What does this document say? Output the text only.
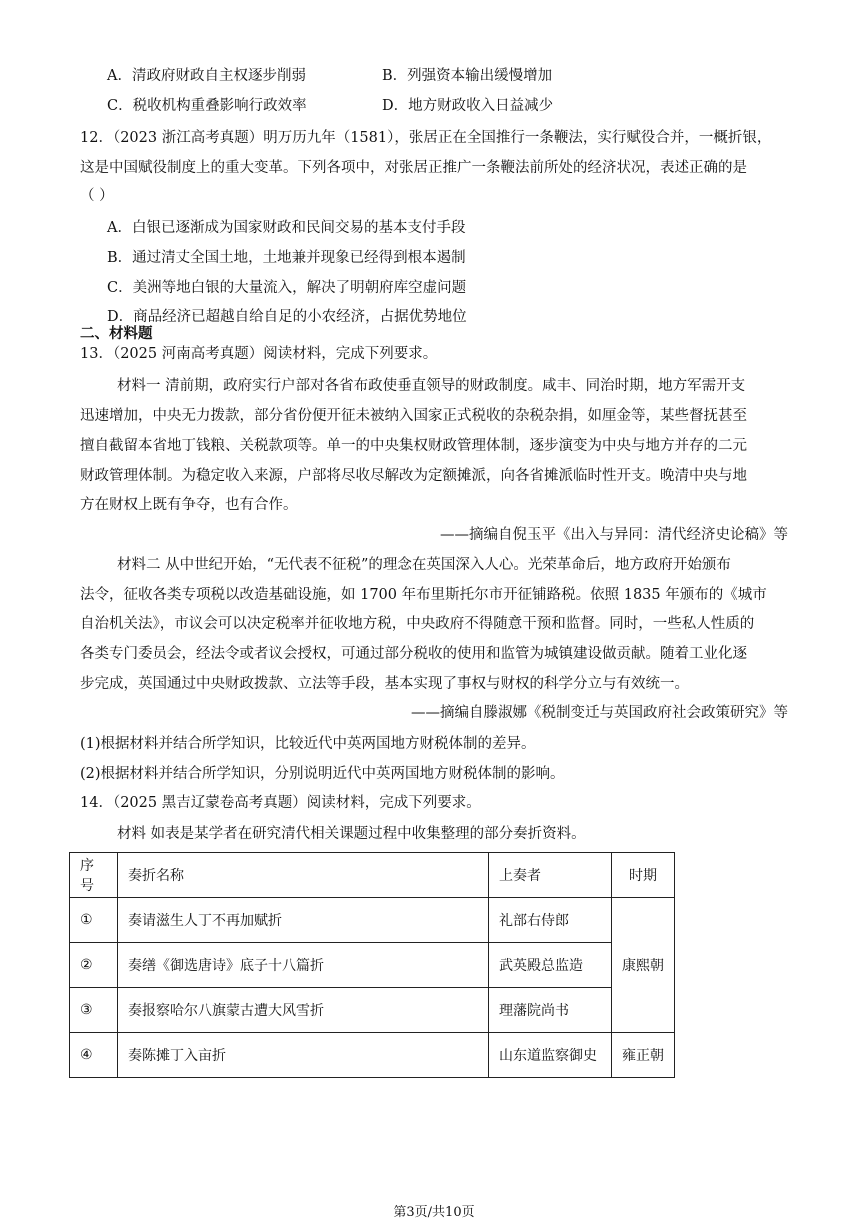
A．清政府财政自主权逐步削弱	B．列强资本输出缓慢增加
C．税收机构重叠影响行政效率	D．地方财政收入日益减少
12．（2023 浙江高考真题）明万历九年（1581），张居正在全国推行一条鞭法，实行赋役合并，一概折银，
这是中国赋役制度上的重大变革。下列各项中，对张居正推广一条鞭法前所处的经济状况，表述正确的是
（ ）
A．白银已逐渐成为国家财政和民间交易的基本支付手段
B．通过清丈全国土地，土地兼并现象已经得到根本遏制
C．美洲等地白银的大量流入，解决了明朝府库空虚问题
D．商品经济已超越自给自足的小农经济，占据优势地位
二、材料题
13．（2025 河南高考真题）阅读材料，完成下列要求。
材料一 清前期，政府实行户部对各省布政使垂直领导的财政制度。咸丰、同治时期，地方军需开支
迅速增加，中央无力拨款，部分省份便开征未被纳入国家正式税收的杂税杂捐，如厘金等，某些督抚甚至
擅自截留本省地丁钱粮、关税款项等。单一的中央集权财政管理体制，逐步演变为中央与地方并存的二元
财政管理体制。为稳定收入来源，户部将尽收尽解改为定额摊派，向各省摊派临时性开支。晚清中央与地
方在财权上既有争夺，也有合作。
——摘编自倪玉平《出入与异同：清代经济史论稿》等
材料二 从中世纪开始，“无代表不征税”的理念在英国深入人心。光荣革命后，地方政府开始颁布
法令，征收各类专项税以改造基础设施，如 1700 年布里斯托尔市开征铺路税。依照 1835 年颁布的《城市
自治机关法》，市议会可以决定税率并征收地方税，中央政府不得随意干预和监督。同时，一些私人性质的
各类专门委员会，经法令或者议会授权，可通过部分税收的使用和监管为城镇建设做贡献。随着工业化逐
步完成，英国通过中央财政拨款、立法等手段，基本实现了事权与财权的科学分立与有效统一。
——摘编自滕淑娜《税制变迁与英国政府社会政策研究》等
(1)根据材料并结合所学知识，比较近代中英两国地方财税体制的差异。
(2)根据材料并结合所学知识，分别说明近代中英两国地方财税体制的影响。
14．（2025 黑吉辽蒙卷高考真题）阅读材料，完成下列要求。
材料 如表是某学者在研究清代相关课题过程中收集整理的部分奏折资料。
序号	奏折名称	上奏者	时期
①	奏请滋生人丁不再加赋折	礼部右侍郎	康熙朝
②	奏缮《御选唐诗》底子十八篇折	武英殿总监造	
③	奏报察哈尔八旗蒙古遭大风雪折	理藩院尚书	
④	奏陈摊丁入亩折	山东道监察御史	雍正朝
第3页/共10页
